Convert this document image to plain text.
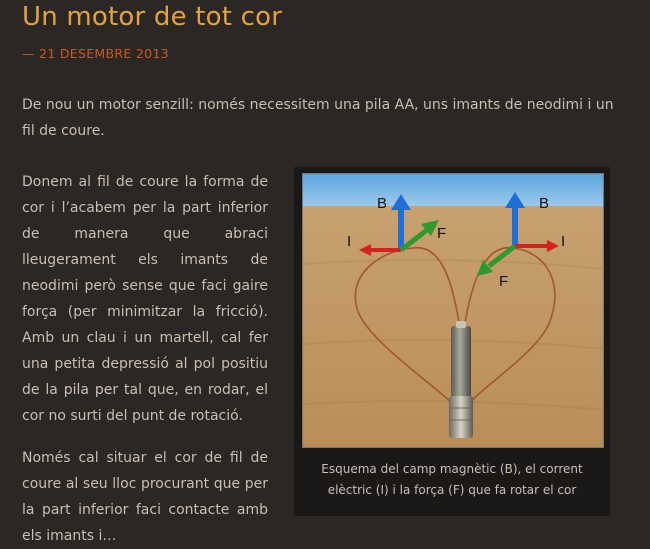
Un motor de tot cor
— 21 DESEMBRE 2013

De nou un motor senzill: només necessitem una pila AA, uns imants de neodimi i un fil de coure.

Donem al fil de coure la forma de cor i l’acabem per la part inferior de manera que abraci lleugerament els imants de neodimi però sense que faci gaire força (per minimitzar la fricció). Amb un clau i un martell, cal fer una petita depressió al pol positiu de la pila per tal que, en rodar, el cor no surti del punt de rotació.

Només cal situar el cor de fil de coure al seu lloc procurant que per la part inferior faci contacte amb els imants i…

B
I	F
B
I
F
Esquema del camp magnètic (B), el corrent elèctric (I) i la força (F) que fa rotar el cor
